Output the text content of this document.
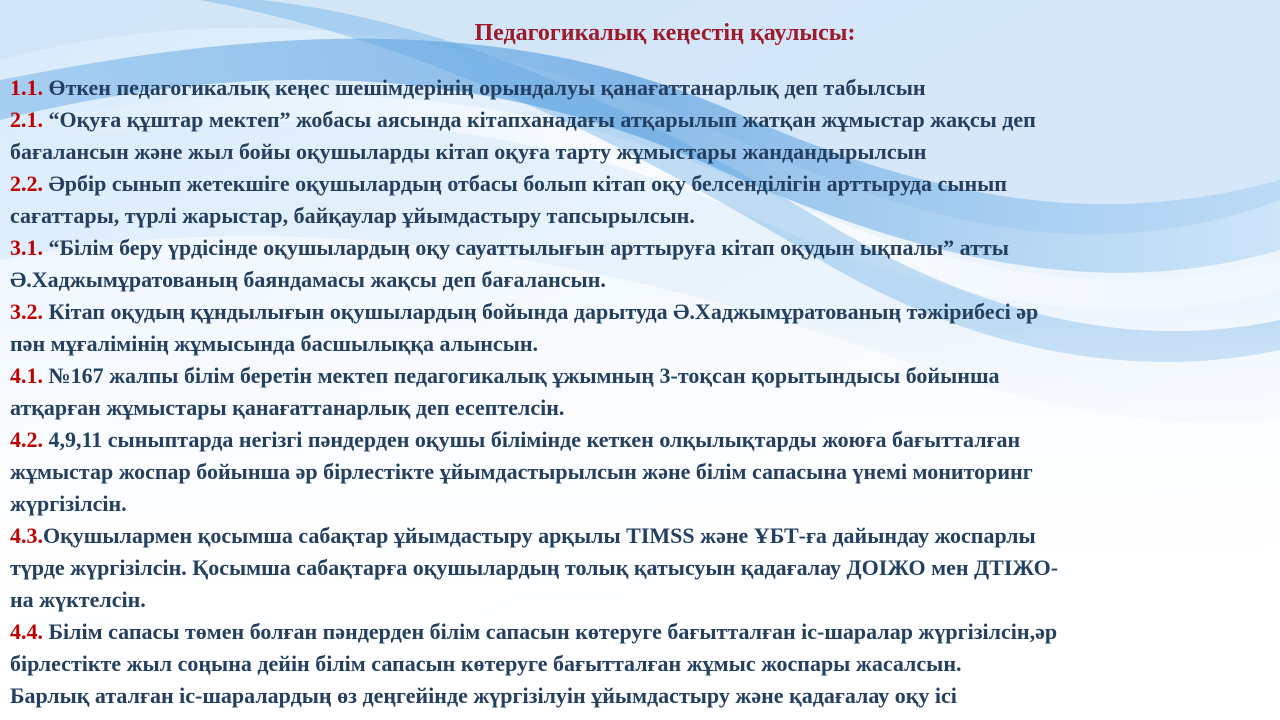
Педагогикалық кеңестің қаулысы:
1.1. Өткен педагогикалық кеңес шешімдерінің орындалуы қанағаттанарлық деп табылсын
2.1. “Оқуға құштар мектеп” жобасы аясында кітапханадағы атқарылып жатқан жұмыстар жақсы деп
бағалансын және жыл бойы оқушыларды кітап оқуға тарту жұмыстары жандандырылсын
2.2. Әрбір сынып жетекшіге оқушылардың отбасы болып кітап оқу белсенділігін арттыруда сынып
сағаттары, түрлі жарыстар, байқаулар ұйымдастыру тапсырылсын.
3.1. “Білім беру үрдісінде оқушылардың оқу сауаттылығын арттыруға кітап оқудын ықпалы” атты
Ә.Хаджымұратованың баяндамасы жақсы деп бағалансын.
3.2. Кітап оқудың құндылығын оқушылардың бойында дарытуда Ә.Хаджымұратованың тәжірибесі әр
пән мұғалімінің жұмысында басшылыққа алынсын.
4.1. №167 жалпы білім беретін мектеп педагогикалық ұжымның 3-тоқсан қорытындысы бойынша
атқарған жұмыстары қанағаттанарлық деп есептелсін.
4.2. 4,9,11 сыныптарда негізгі пәндерден оқушы білімінде кеткен олқылықтарды жоюға бағытталған
жұмыстар жоспар бойынша әр бірлестікте ұйымдастырылсын және білім сапасына үнемі мониторинг
жүргізілсін.
4.3.Оқушылармен қосымша сабақтар ұйымдастыру арқылы TIMSS және ҰБТ-ға дайындау жоспарлы
түрде жүргізілсін. Қосымша сабақтарға оқушылардың толық қатысуын қадағалау ДОІЖО мен ДТІЖО-
на жүктелсін.
4.4. Білім сапасы төмен болған пәндерден білім сапасын көтеруге бағытталған іс-шаралар жүргізілсін,әр
бірлестікте жыл соңына дейін білім сапасын көтеруге бағытталған жұмыс жоспары жасалсын.
Барлық аталған іс-шаралардың өз деңгейінде жүргізілуін ұйымдастыру және қадағалау оқу ісі
